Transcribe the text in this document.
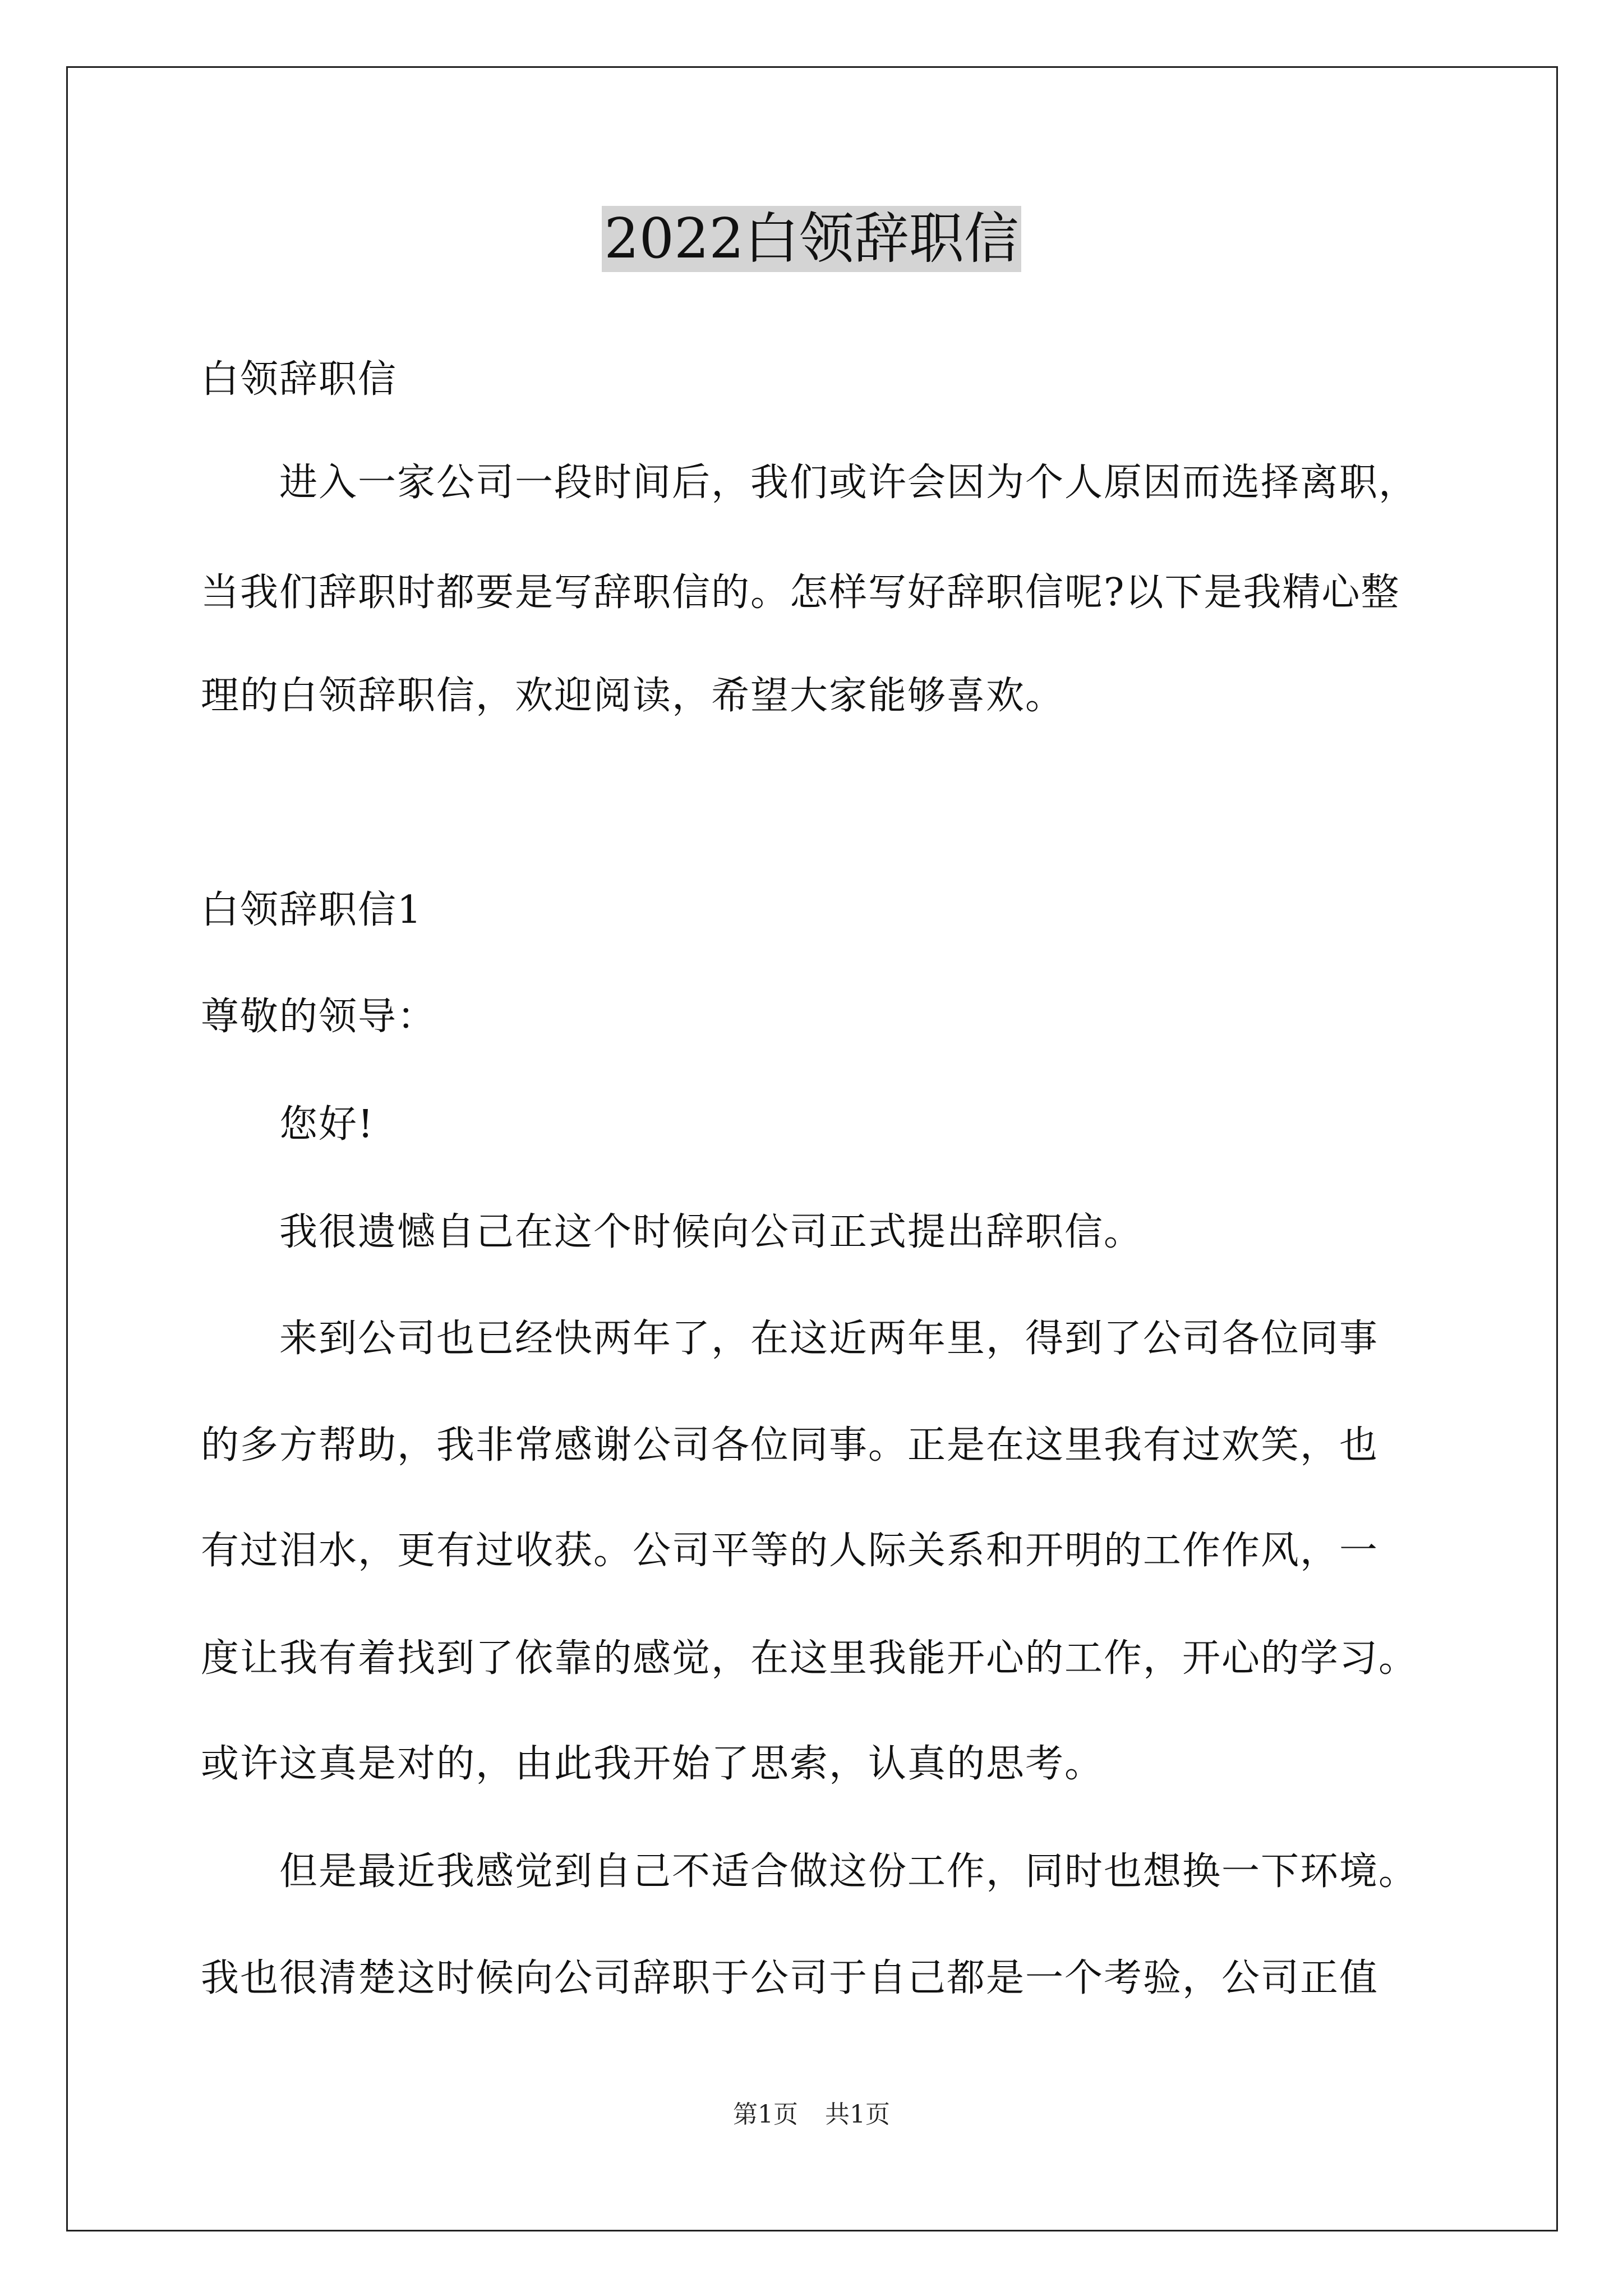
2022白领辞职信
白领辞职信
进入一家公司一段时间后，我们或许会因为个人原因而选择离职，
当我们辞职时都要是写辞职信的。怎样写好辞职信呢?以下是我精心整
理的白领辞职信，欢迎阅读，希望大家能够喜欢。
白领辞职信1
尊敬的领导：
您好!
我很遗憾自己在这个时候向公司正式提出辞职信。
来到公司也已经快两年了，在这近两年里，得到了公司各位同事
的多方帮助，我非常感谢公司各位同事。正是在这里我有过欢笑，也
有过泪水，更有过收获。公司平等的人际关系和开明的工作作风，一
度让我有着找到了依靠的感觉，在这里我能开心的工作，开心的学习。
或许这真是对的，由此我开始了思索，认真的思考。
但是最近我感觉到自己不适合做这份工作，同时也想换一下环境。
我也很清楚这时候向公司辞职于公司于自己都是一个考验，公司正值
第1页 共1页
